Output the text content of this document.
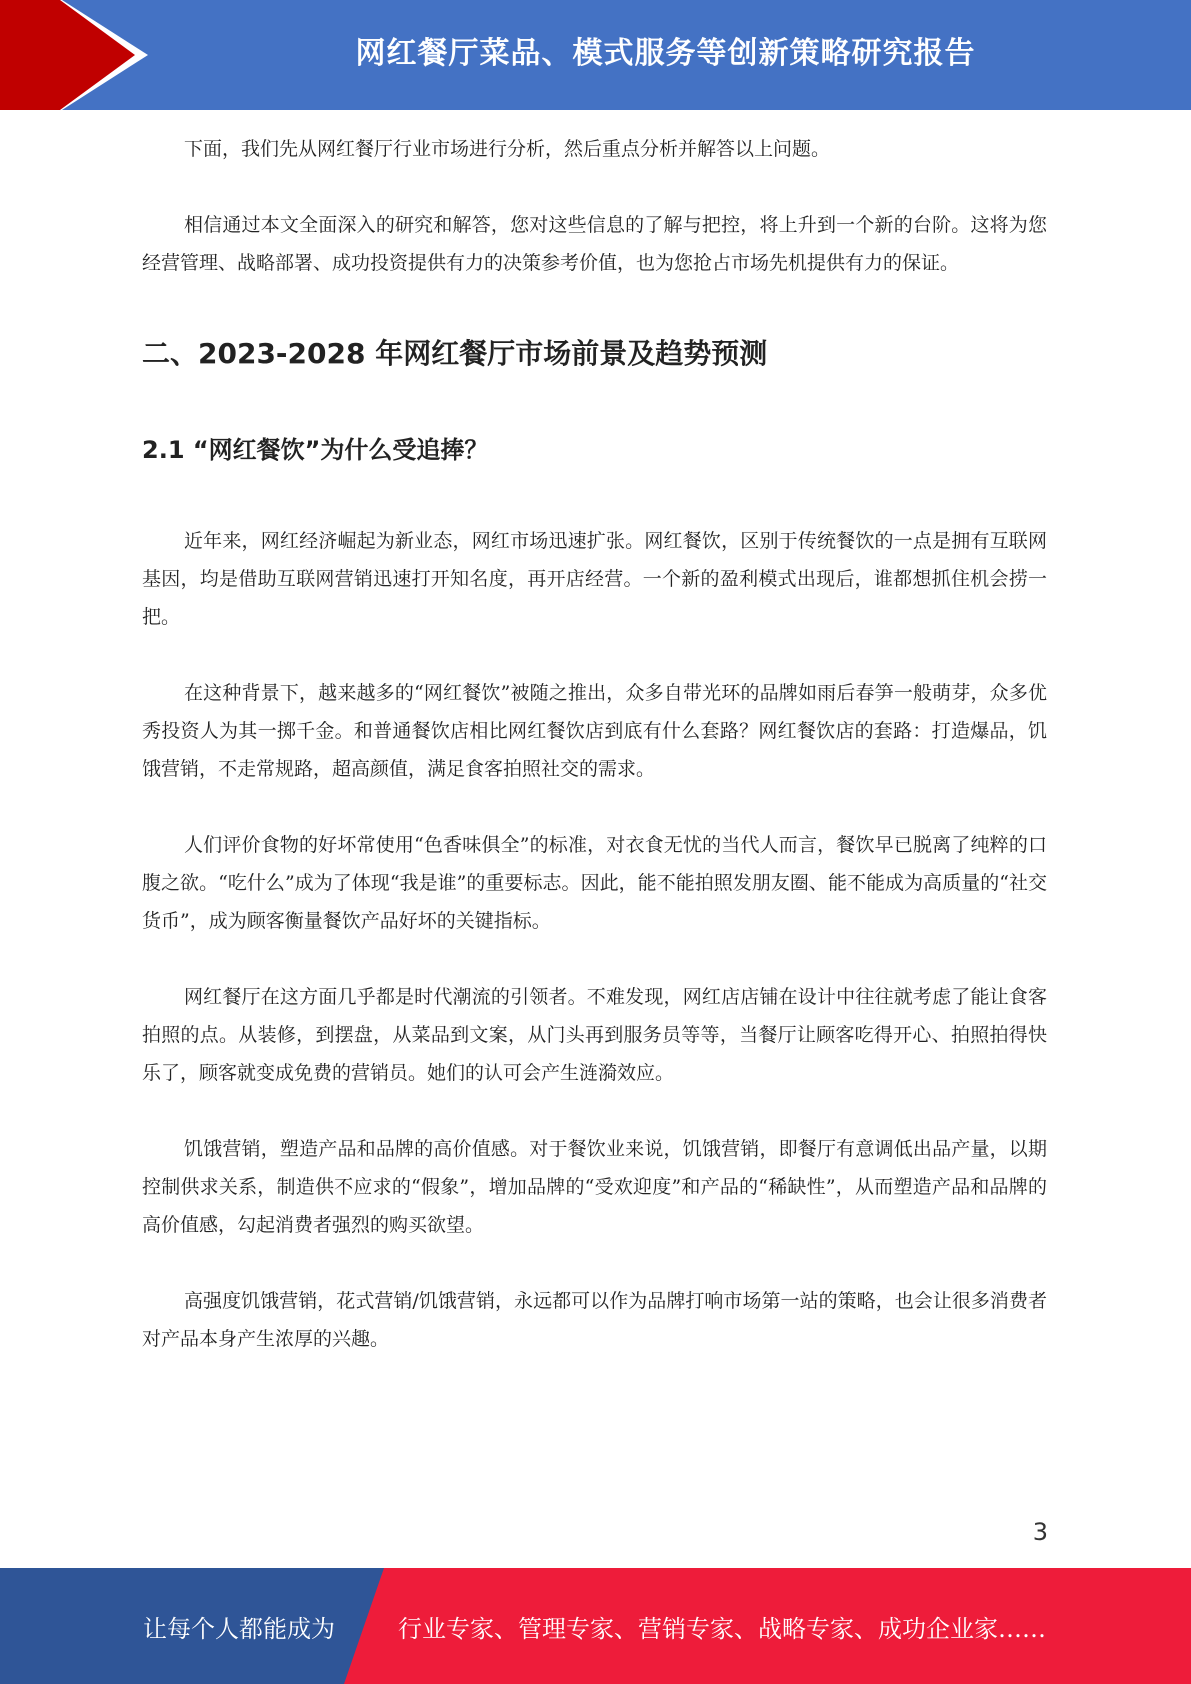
网红餐厅菜品、模式服务等创新策略研究报告

下面，我们先从网红餐厅行业市场进行分析，然后重点分析并解答以上问题。

相信通过本文全面深入的研究和解答，您对这些信息的了解与把控，将上升到一个新的台阶。这将为您经营管理、战略部署、成功投资提供有力的决策参考价值，也为您抢占市场先机提供有力的保证。

二、2023-2028 年网红餐厅市场前景及趋势预测
2.1 “网红餐饮”为什么受追捧？

近年来，网红经济崛起为新业态，网红市场迅速扩张。网红餐饮，区别于传统餐饮的一点是拥有互联网基因，均是借助互联网营销迅速打开知名度，再开店经营。一个新的盈利模式出现后，谁都想抓住机会捞一把。

在这种背景下，越来越多的“网红餐饮”被随之推出，众多自带光环的品牌如雨后春笋一般萌芽，众多优秀投资人为其一掷千金。和普通餐饮店相比网红餐饮店到底有什么套路？网红餐饮店的套路：打造爆品，饥饿营销，不走常规路，超高颜值，满足食客拍照社交的需求。

人们评价食物的好坏常使用“色香味俱全”的标准，对衣食无忧的当代人而言，餐饮早已脱离了纯粹的口腹之欲。“吃什么”成为了体现“我是谁”的重要标志。因此，能不能拍照发朋友圈、能不能成为高质量的“社交货币”，成为顾客衡量餐饮产品好坏的关键指标。

网红餐厅在这方面几乎都是时代潮流的引领者。不难发现，网红店店铺在设计中往往就考虑了能让食客拍照的点。从装修，到摆盘，从菜品到文案，从门头再到服务员等等，当餐厅让顾客吃得开心、拍照拍得快乐了，顾客就变成免费的营销员。她们的认可会产生涟漪效应。

饥饿营销，塑造产品和品牌的高价值感。对于餐饮业来说，饥饿营销，即餐厅有意调低出品产量，以期控制供求关系，制造供不应求的“假象”，增加品牌的“受欢迎度”和产品的“稀缺性”，从而塑造产品和品牌的高价值感，勾起消费者强烈的购买欲望。

高强度饥饿营销，花式营销/饥饿营销，永远都可以作为品牌打响市场第一站的策略，也会让很多消费者对产品本身产生浓厚的兴趣。

3
让每个人都能成为	行业专家、管理专家、营销专家、战略专家、成功企业家……
